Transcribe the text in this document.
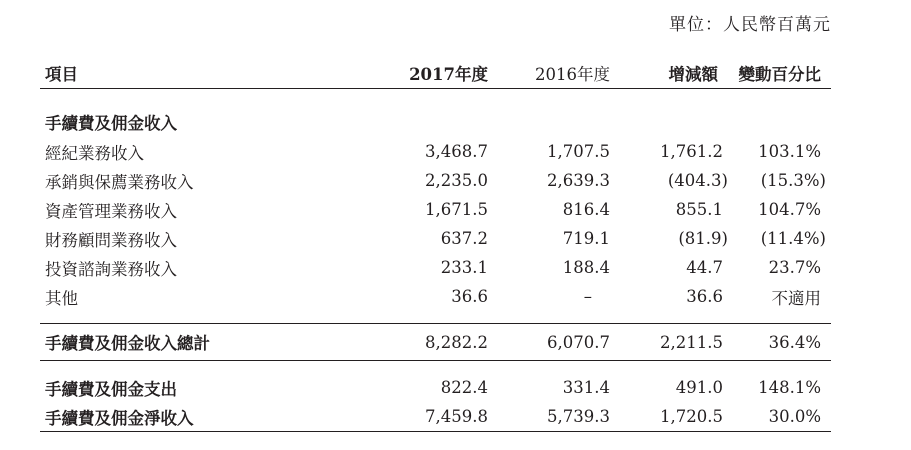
單位：人民幣百萬元
項目	2017年度	2016年度	增減額	變動百分比

手續費及佣金收入				
經紀業務收入	3,468.7	1,707.5	1,761.2	103.1%
承銷與保薦業務收入	2,235.0	2,639.3	(404.3)	(15.3%)
資產管理業務收入	1,671.5	816.4	855.1	104.7%
財務顧問業務收入	637.2	719.1	(81.9)	(11.4%)
投資諮詢業務收入	233.1	188.4	44.7	23.7%
其他	36.6	–	36.6	不適用

手續費及佣金收入總計	8,282.2	6,070.7	2,211.5	36.4%

手續費及佣金支出	822.4	331.4	491.0	148.1%
手續費及佣金淨收入	7,459.8	5,739.3	1,720.5	30.0%
